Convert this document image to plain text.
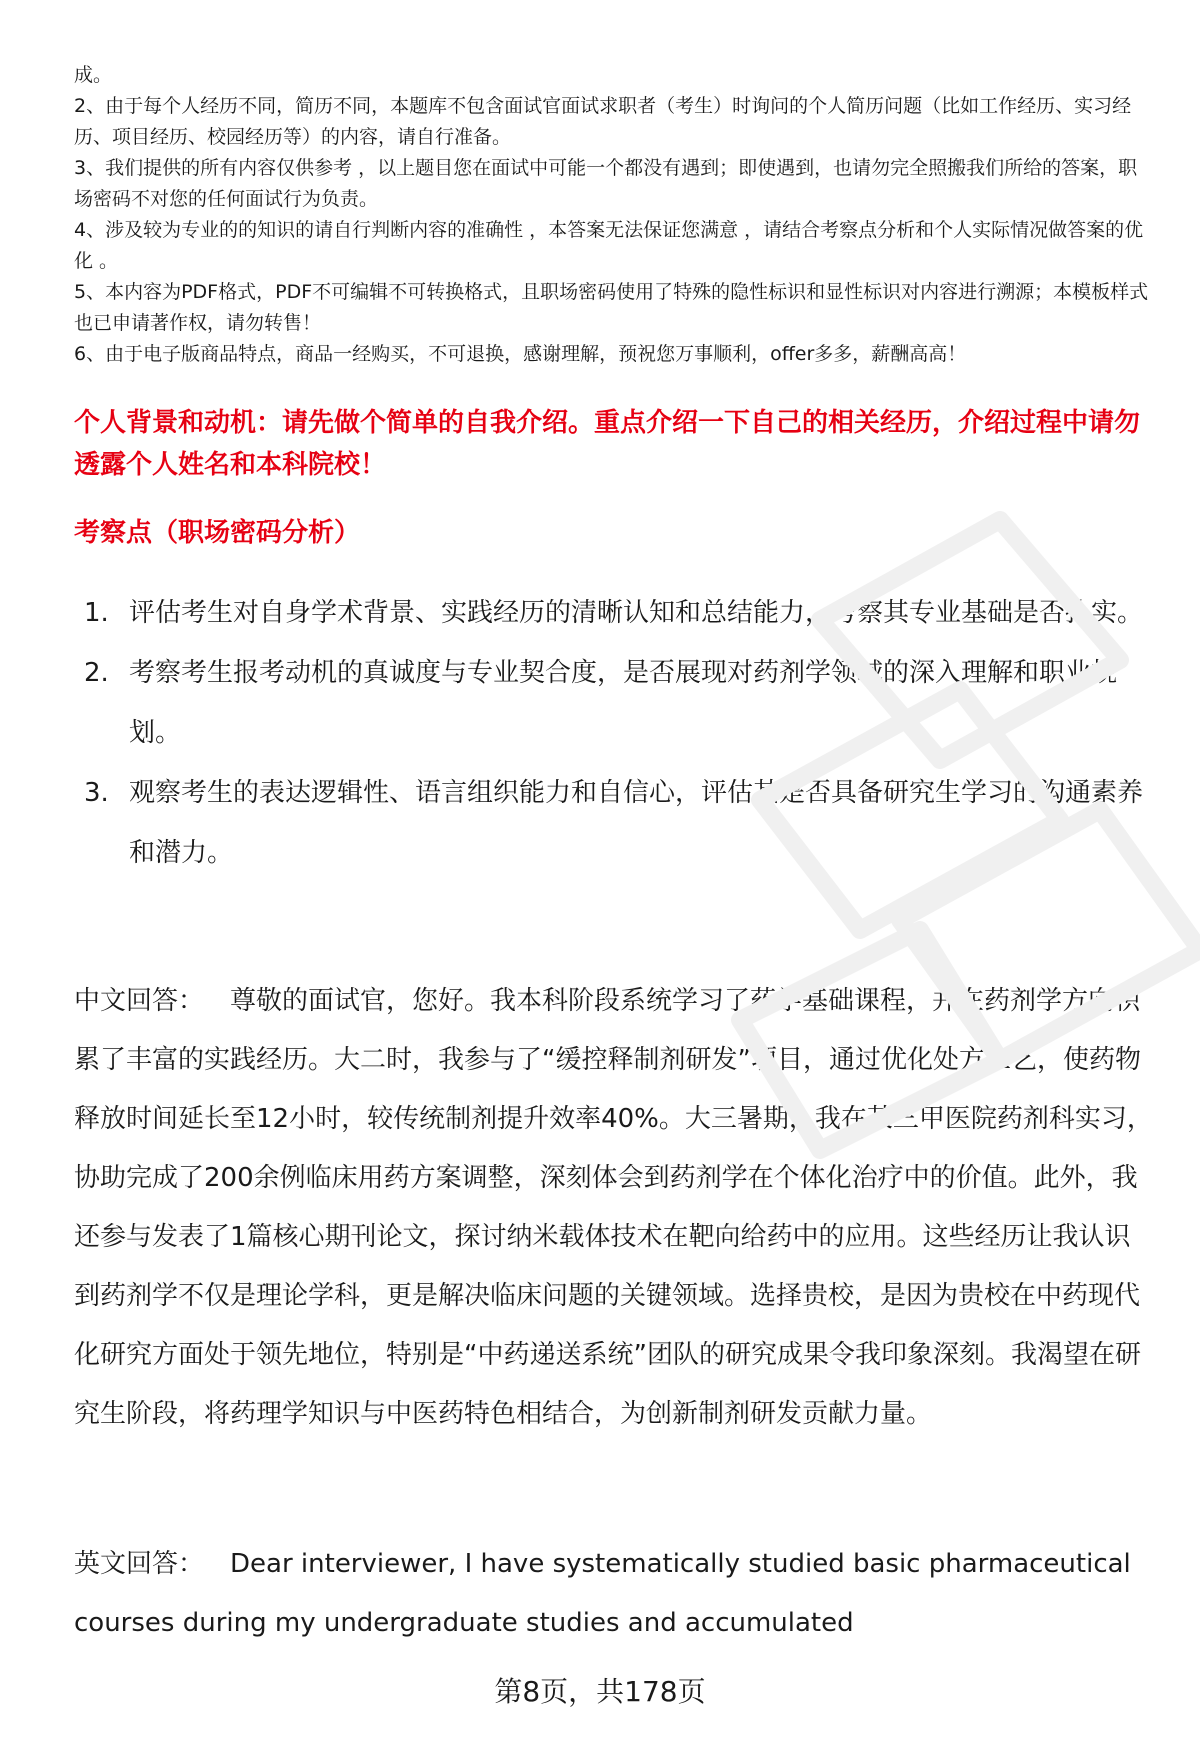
成。

2、由于每个人经历不同，简历不同，本题库不包含面试官面试求职者（考生）时询问的个人简历问题（比如工作经历、实习经历、项目经历、校园经历等）的内容，请自行准备。

3、我们提供的所有内容仅供参考 ，以上题目您在面试中可能一个都没有遇到；即使遇到，也请勿完全照搬我们所给的答案，职场密码不对您的任何面试行为负责。

4、涉及较为专业的的知识的请自行判断内容的准确性 ，本答案无法保证您满意 ，请结合考察点分析和个人实际情况做答案的优化 。

5、本内容为PDF格式，PDF不可编辑不可转换格式，且职场密码使用了特殊的隐性标识和显性标识对内容进行溯源；本模板样式也已申请著作权，请勿转售！

6、由于电子版商品特点，商品一经购买，不可退换，感谢理解，预祝您万事顺利，offer多多，薪酬高高！

个人背景和动机：请先做个简单的自我介绍。重点介绍一下自己的相关经历，介绍过程中请勿透露个人姓名和本科院校！
考察点（职场密码分析）
1. 评估考生对自身学术背景、实践经历的清晰认知和总结能力，考察其专业基础是否扎实。
2. 考察考生报考动机的真诚度与专业契合度，是否展现对药剂学领域的深入理解和职业规划。
3. 观察考生的表达逻辑性、语言组织能力和自信心，评估其是否具备研究生学习的沟通素养和潜力。

中文回答： 尊敬的面试官，您好。我本科阶段系统学习了药学基础课程，并在药剂学方向积累了丰富的实践经历。大二时，我参与了“缓控释制剂研发”项目，通过优化处方工艺，使药物释放时间延长至12小时，较传统制剂提升效率40%。大三暑期，我在某三甲医院药剂科实习，协助完成了200余例临床用药方案调整，深刻体会到药剂学在个体化治疗中的价值。此外，我还参与发表了1篇核心期刊论文，探讨纳米载体技术在靶向给药中的应用。这些经历让我认识到药剂学不仅是理论学科，更是解决临床问题的关键领域。选择贵校，是因为贵校在中药现代化研究方面处于领先地位，特别是“中药递送系统”团队的研究成果令我印象深刻。我渴望在研究生阶段，将药理学知识与中医药特色相结合，为创新制剂研发贡献力量。

英文回答： Dear interviewer, I have systematically studied basic pharmaceutical courses during my undergraduate studies and accumulated

第8页，共178页
